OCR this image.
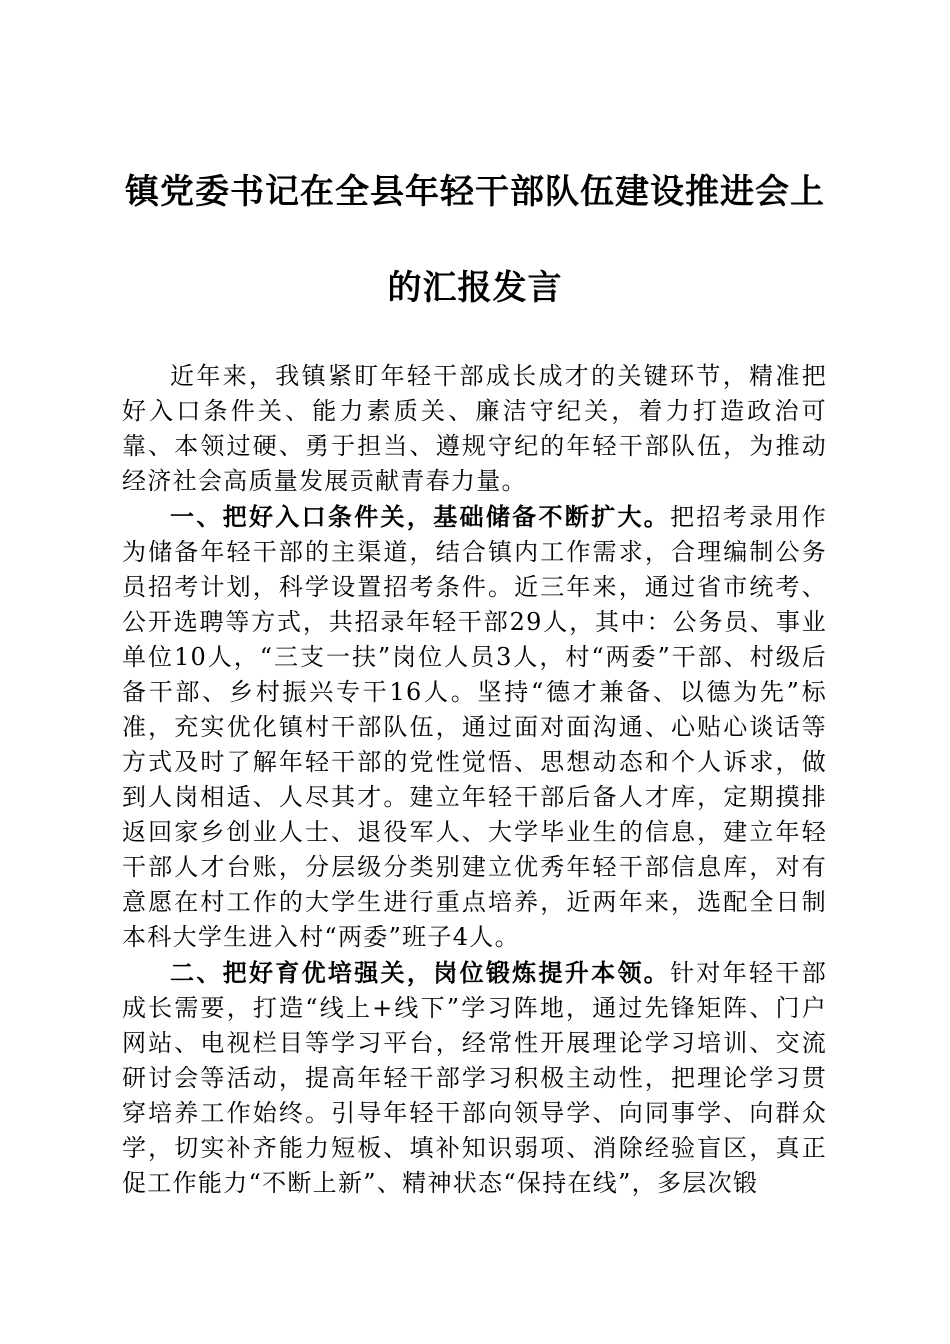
镇党委书记在全县年轻干部队伍建设推进会上
的汇报发言

近年来，我镇紧盯年轻干部成长成才的关键环节，精准把好入口条件关、能力素质关、廉洁守纪关，着力打造政治可靠、本领过硬、勇于担当、遵规守纪的年轻干部队伍，为推动经济社会高质量发展贡献青春力量。

一、把好入口条件关，基础储备不断扩大。把招考录用作为储备年轻干部的主渠道，结合镇内工作需求，合理编制公务员招考计划，科学设置招考条件。近三年来，通过省市统考、公开选聘等方式，共招录年轻干部29人，其中：公务员、事业单位10人，“三支一扶”岗位人员3人，村“两委”干部、村级后备干部、乡村振兴专干16人。坚持“德才兼备、以德为先”标准，充实优化镇村干部队伍，通过面对面沟通、心贴心谈话等方式及时了解年轻干部的党性觉悟、思想动态和个人诉求，做到人岗相适、人尽其才。建立年轻干部后备人才库，定期摸排返回家乡创业人士、退役军人、大学毕业生的信息，建立年轻干部人才台账，分层级分类别建立优秀年轻干部信息库，对有意愿在村工作的大学生进行重点培养，近两年来，选配全日制本科大学生进入村“两委”班子4人。

二、把好育优培强关，岗位锻炼提升本领。针对年轻干部成长需要，打造“线上+线下”学习阵地，通过先锋矩阵、门户网站、电视栏目等学习平台，经常性开展理论学习培训、交流研讨会等活动，提高年轻干部学习积极主动性，把理论学习贯穿培养工作始终。引导年轻干部向领导学、向同事学、向群众学，切实补齐能力短板、填补知识弱项、消除经验盲区，真正促工作能力“不断上新”、精神状态“保持在线”，多层次锻
